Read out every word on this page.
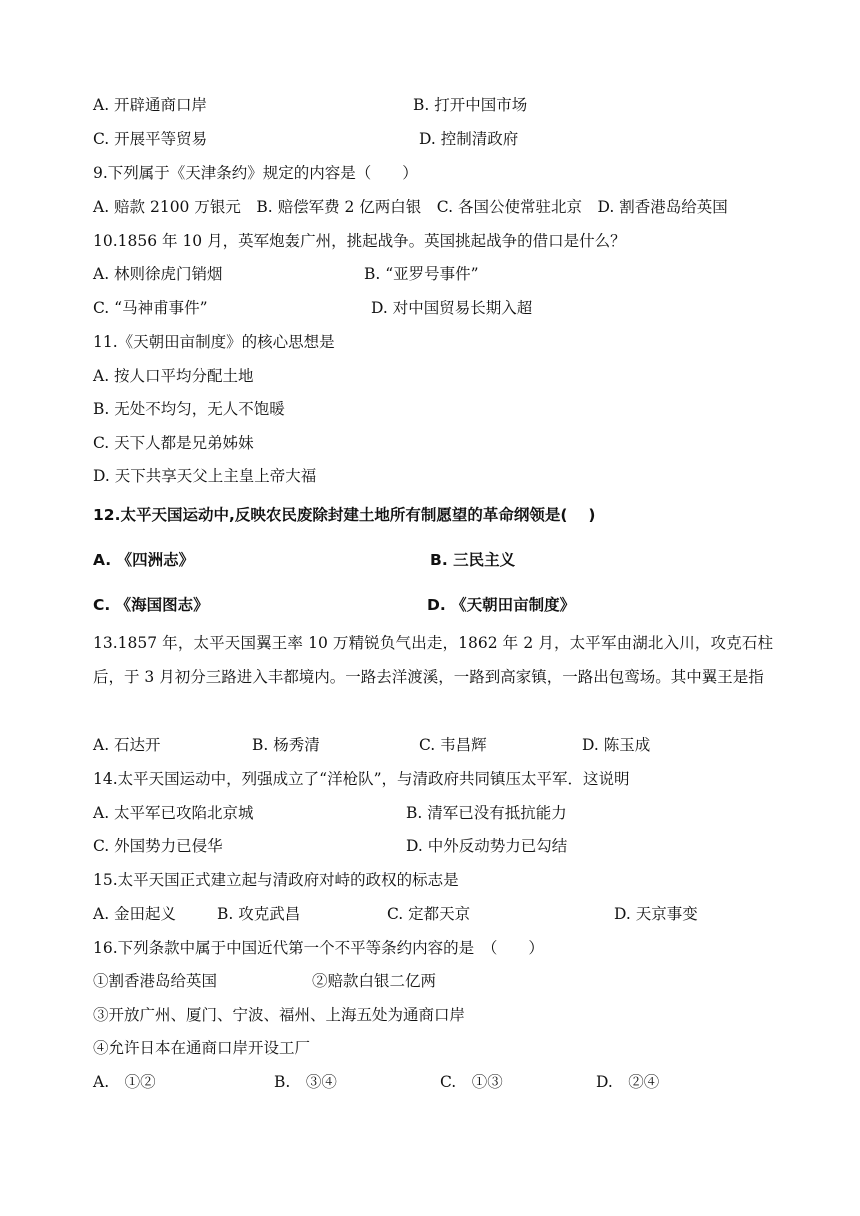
A. 开辟通商口岸	B. 打开中国市场
C. 开展平等贸易	D. 控制清政府
9.下列属于《天津条约》规定的内容是（　　）
A. 赔款 2100 万银元　B. 赔偿军费 2 亿两白银　C. 各国公使常驻北京　D. 割香港岛给英国
10.1856 年 10 月，英军炮轰广州，挑起战争。英国挑起战争的借口是什么？
A. 林则徐虎门销烟	B. “亚罗号事件”
C. “马神甫事件”	D. 对中国贸易长期入超
11.《天朝田亩制度》的核心思想是
A. 按人口平均分配土地
B. 无处不均匀，无人不饱暖
C. 天下人都是兄弟姊妹
D. 天下共享天父上主皇上帝大福
12.太平天国运动中,反映农民废除封建土地所有制愿望的革命纲领是(　 )
A. 《四洲志》	B. 三民主义
C. 《海国图志》	D. 《天朝田亩制度》
13.1857 年，太平天国翼王率 10 万精锐负气出走，1862 年 2 月，太平军由湖北入川，攻克石柱后，于 3 月初分三路进入丰都境内。一路去洋渡溪，一路到高家镇，一路出包鸾场。其中翼王是指
A. 石达开	B. 杨秀清	C. 韦昌辉	D. 陈玉成
14.太平天国运动中，列强成立了“洋枪队”，与清政府共同镇压太平军．这说明
A. 太平军已攻陷北京城	B. 清军已没有抵抗能力
C. 外国势力已侵华	D. 中外反动势力已勾结
15.太平天国正式建立起与清政府对峙的政权的标志是
A. 金田起义	B. 攻克武昌	C. 定都天京	D. 天京事变
16.下列条款中属于中国近代第一个不平等条约内容的是　（　　）
①割香港岛给英国	②赔款白银二亿两
③开放广州、厦门、宁波、福州、上海五处为通商口岸
④允许日本在通商口岸开设工厂
A.　①②	B.　③④	C.　①③	D.　②④
